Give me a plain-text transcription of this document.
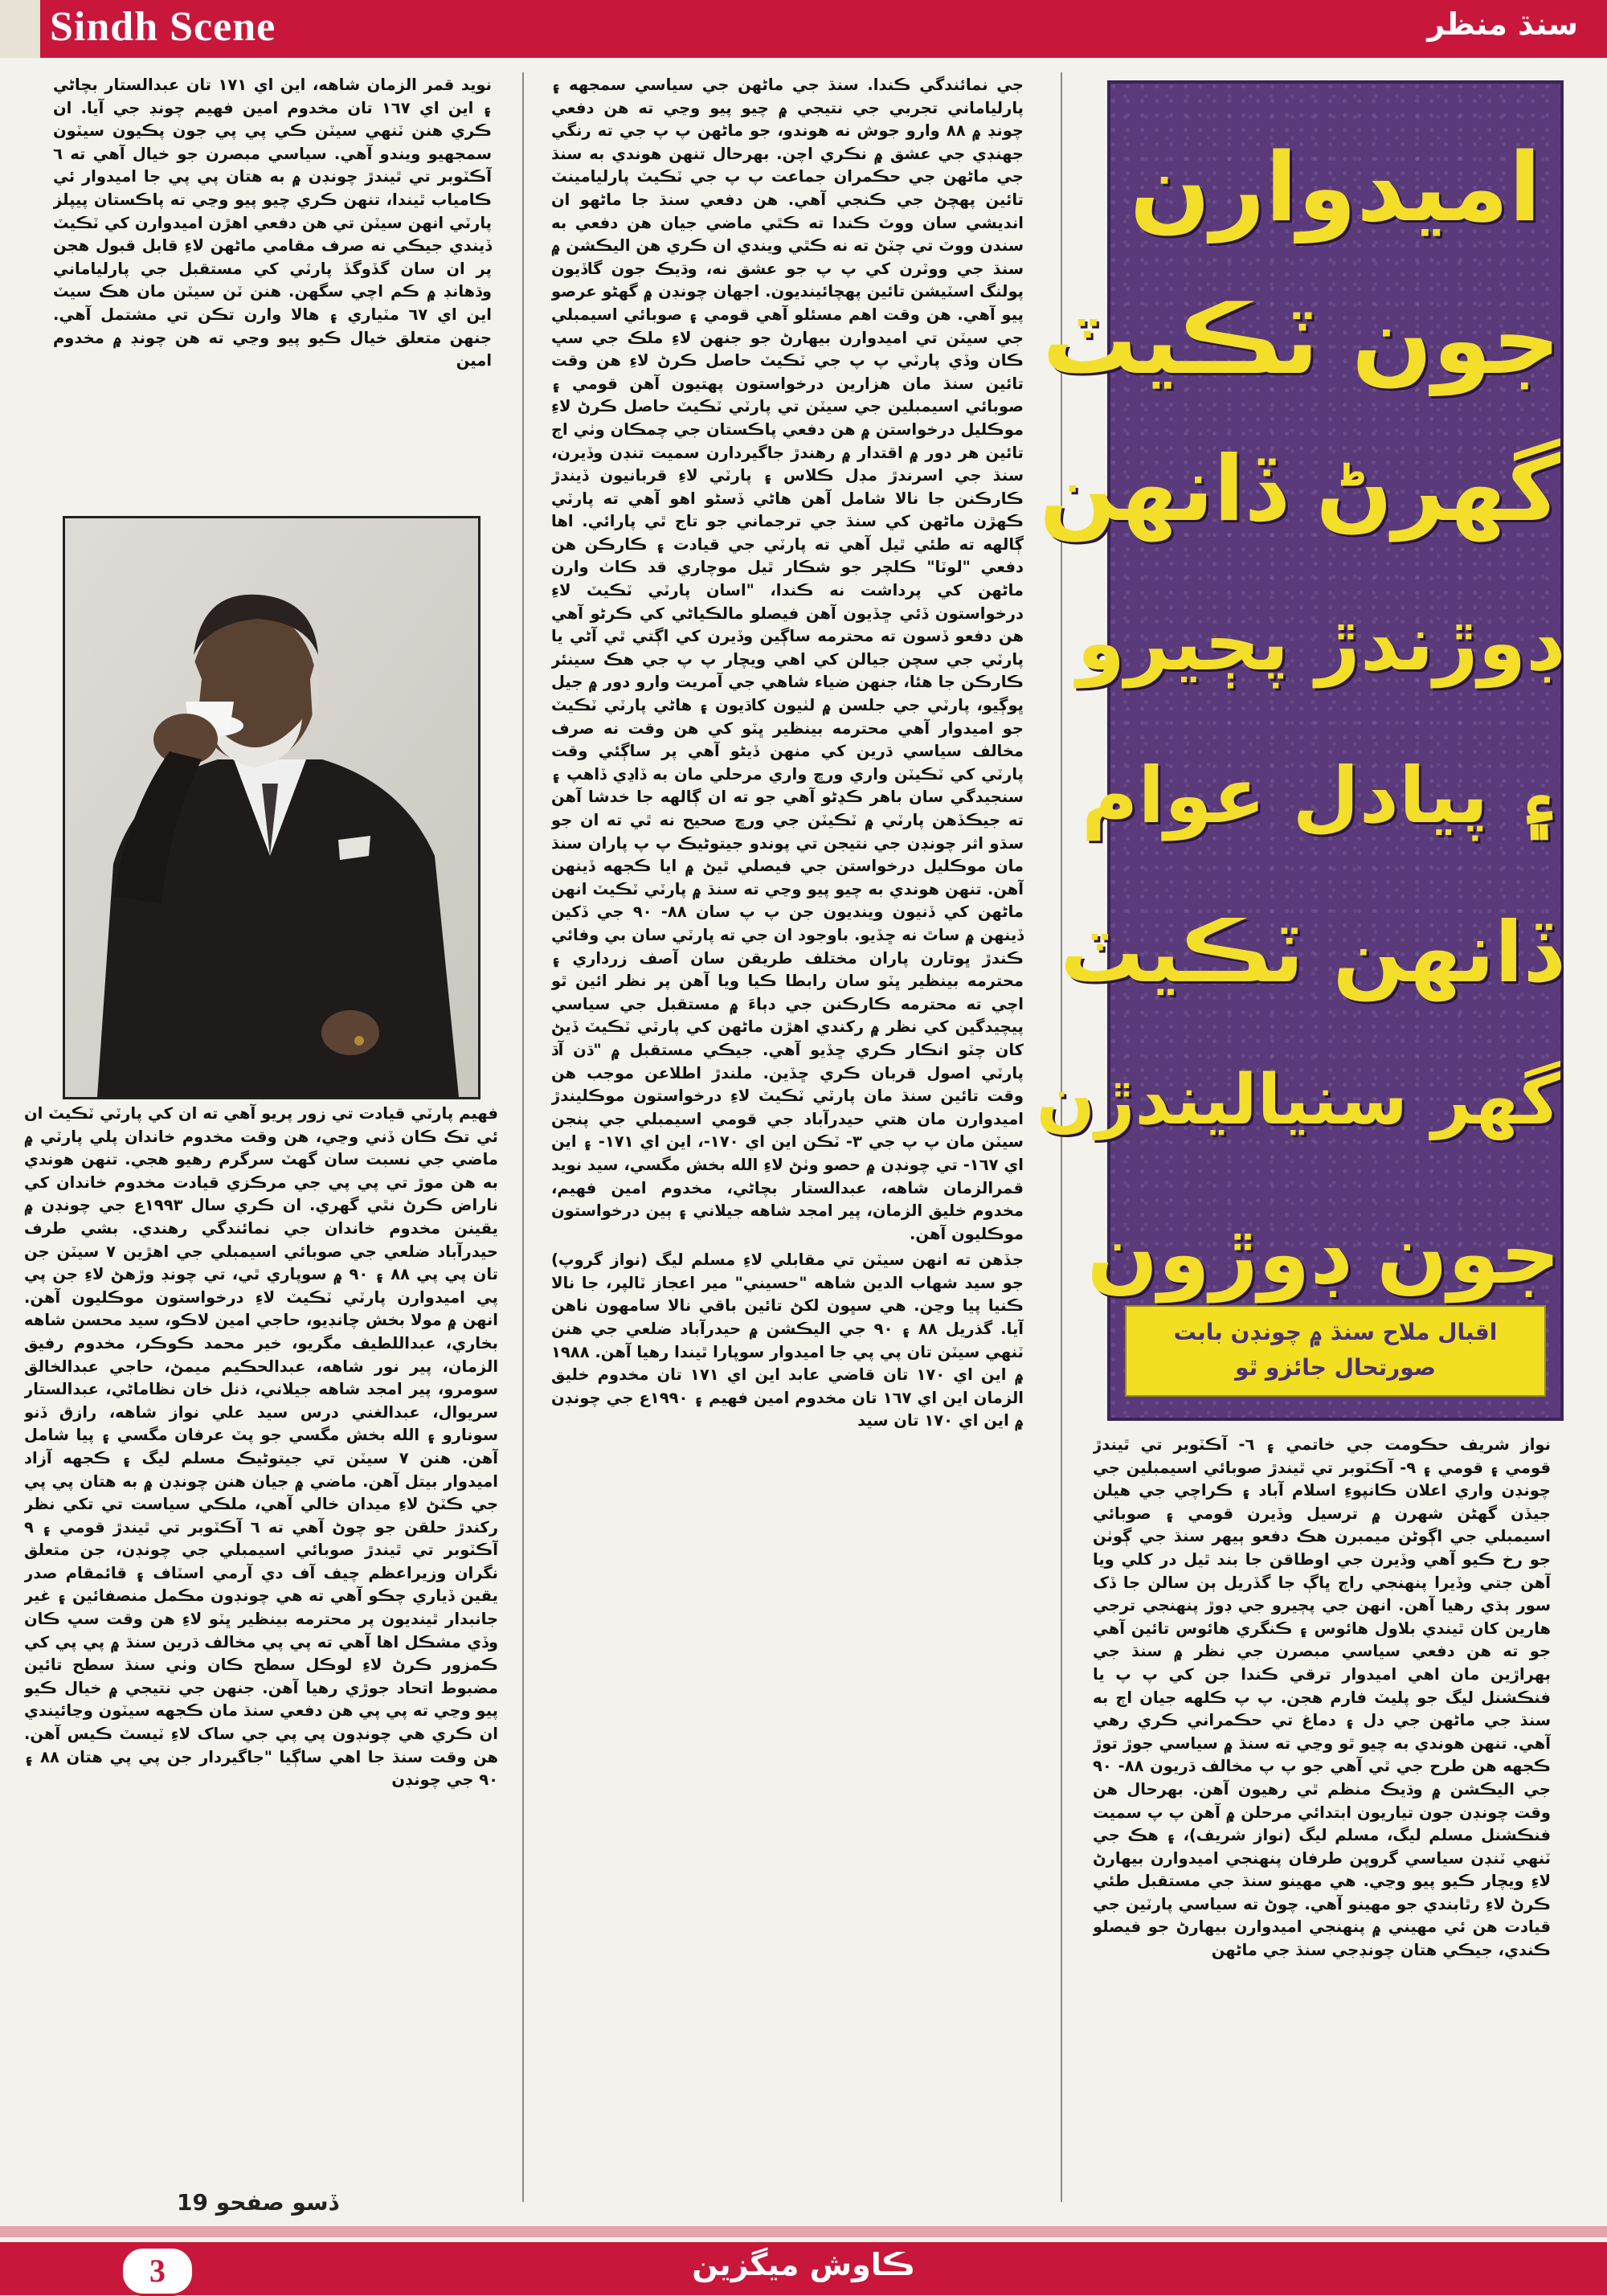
Sindh Scene	سنڌ منظر

نويد قمر الزمان شاهه، اين اي ١٧١ تان عبدالستار بچاڻي ۽ اين اي ١٦٧ تان مخدوم امين فهيم چونڊ جي آيا. ان ڪري هنن ٽنهي سيٽن ڪي پي پي جون پڪيون سيٽون سمجهيو ويندو آهي. سياسي مبصرن جو خيال آهي ته ٦ آڪٽوبر تي ٿيندڙ چونڊن ۾ به هتان پي پي جا اميدوار ئي ڪامياب ٿيندا، تنهن ڪري چيو پيو وڃي ته پاڪستان پيپلز پارٽي انهن سيٽن تي هن دفعي اهڙن اميدوارن کي ٽڪيٽ ڏيندي جيڪي نه صرف مقامي ماڻهن لاءِ قابل قبول هجن پر ان سان گڏوگڏ پارٽي کي مستقبل جي پارلياماني وڌهانڊ ۾ ڪم اچي سگهن. هنن ٽن سيٽن مان هڪ سيٽ اين اي ٦٧ مٽياري ۽ هالا وارن تڪن تي مشتمل آهي. جنهن متعلق خيال ڪيو پيو وڃي ته هن چونڊ ۾ مخدوم امين

فهيم پارٽي قيادت تي زور پريو آهي ته ان کي پارٽي ٽڪيٽ ان ئي تڪ ڪان ڏني وڃي، هن وقت مخدوم خاندان پلي پارٽي ۾ ماضي جي نسبت سان گهٽ سرگرم رهيو هجي. تنهن هوندي به هن موڙ تي پي پي جي مرڪزي قيادت مخدوم خاندان کي ناراض ڪرڻ نٿي گهري. ان ڪري سال ١٩٩٣ع جي چونڊن ۾ يقينن مخدوم خاندان جي نمائندگي رهندي. بشي طرف حيدرآباد ضلعي جي صوبائي اسيمبلي جي اهڙين ٧ سيٽن جن تان پي پي ٨٨ ۽ ٩٠ ۾ سوپاري ٿي، تي چونڊ وڙهڻ لاءِ جن پي پي اميدوارن پارٽي ٽڪيٽ لاءِ درخواستون موڪليون آهن. انهن ۾ مولا بخش چانڊيو، حاجي امين لاڪو، سيد محسن شاهه بخاري، عبداللطيف مگريو، خير محمد ڪوڪر، مخدوم رفيق الزمان، پير نور شاهه، عبدالحڪيم ميمڻ، حاجي عبدالخالق سومرو، پير امجد شاهه جيلاني، ذنل خان نظاماڻي، عبدالستار سريوال، عبدالغني درس سيد علي نواز شاهه، رازق ڏنو سونارو ۽ الله بخش مگسي جو پٽ عرفان مگسي ۽ پيا شامل آهن. هنن ٧ سيٽن تي جيتوڻيڪ مسلم ليگ ۽ ڪجهه آزاد اميدوار بيتل آهن. ماضي ۾ جيان هنن چونڊن ۾ به هتان پي پي جي ڪٽڻ لاءِ ميدان خالي آهي، ملڪي سياست تي تکي نظر رکندڙ حلقن جو چوڻ آهي ته ٦ آڪٽوبر تي ٿيندڙ قومي ۽ ٩ آڪٽوبر تي ٿيندڙ صوبائي اسيمبلي جي چونڊن، جن متعلق نگران وزيراعظم چيف آف دي آرمي اسٽاف ۽ قائمقام صدر يقين ڏياري چڪو آهي ته هي چونڊون مڪمل منصفائين ۽ غير جانبدار ٿينديون پر محترمه بينظير ڀٽو لاءِ هن وقت سڀ ڪان وڏي مشڪل اها آهي ته پي پي مخالف ڌرين سنڌ ۾ پي پي کي ڪمزور ڪرڻ لاءِ لوڪل سطح ڪان وٺي سنڌ سطح تائين مضبوط اتحاد جوڙي رهيا آهن. جنهن جي نتيجي ۾ خيال ڪيو پيو وڃي ته پي پي هن دفعي سنڌ مان ڪجهه سيٽون وڃائيندي ان ڪري هي چونڊون پي پي جي ساک لاءِ ٽيسٽ ڪيس آهن. هن وقت سنڌ جا اهي ساڳيا "جاگيردار جن پي پي هتان ٨٨ ۽ ٩٠ جي چونڊن

ڏسو صفحو 19

جي نمائندگي ڪندا. سنڌ جي ماڻهن جي سياسي سمجهه ۽ پارلياماني تجربي جي نتيجي ۾ چيو پيو وڃي ته هن دفعي چونڊ ۾ ٨٨ وارو جوش نه هوندو، جو ماڻهن پ پ جي ته رنگي جهنڊي جي عشق ۾ نڪري اچن. بهرحال تنهن هوندي به سنڌ جي ماڻهن جي حڪمران جماعت پ پ جي ٽڪيٽ پارليامينٽ تائين پهچڻ جي ڪنجي آهي. هن دفعي سنڌ جا ماڻهو ان انديشي سان ووٽ ڪندا ته ڪٿي ماضي جيان هن دفعي به سندن ووٽ تي چٽڻ ته نه ڪٿي ويندي ان ڪري هن اليڪشن ۾ سنڌ جي ووٽرن کي پ پ جو عشق نه، وڌيڪ جون گاڏيون پولنگ اسٽيشن تائين پهچائينديون. اجهان چونڊن ۾ گهڻو عرصو پيو آهي. هن وقت اهم مسئلو آهي قومي ۽ صوبائي اسيمبلي جي سيٽن تي اميدوارن بيهارڻ جو جنهن لاءِ ملڪ جي سڀ ڪان وڏي پارٽي پ پ جي ٽڪيٽ حاصل ڪرڻ لاءِ هن وقت تائين سنڌ مان هزارين درخواستون پهتيون آهن قومي ۽ صوبائي اسيمبلين جي سيٽن تي پارٽي ٽڪيٽ حاصل ڪرڻ لاءِ موڪليل درخواستن ۾ هن دفعي پاڪستان جي چمڪان وٺي اڄ تائين هر دور ۾ اقتدار ۾ رهندڙ جاگيردارن سميت تنڊن وڏيرن، سنڌ جي اسرندڙ مڊل ڪلاس ۽ پارٽي لاءِ قربانيون ڏيندڙ ڪارڪنن جا نالا شامل آهن هاڻي ڏسڻو اهو آهي ته پارٽي ڪهڙن ماڻهن کي سنڌ جي ترجماني جو تاج ٿي پارائي. اها ڳالهه ته طئي ٿيل آهي ته پارٽي جي قيادت ۽ ڪارڪن هن دفعي "لوٽا" ڪلچر جو شڪار ٿيل موچاري قد ڪاٺ وارن ماڻهن کي پرداشت نه ڪندا، "اسان پارٽي ٽڪيٽ لاءِ درخواستون ڏئي ڇڏيون آهن فيصلو مالڪياڻي کي ڪرڻو آهي هن دفعو ڏسون ته محترمه ساڳين وڏيرن کي اڳتي ٿي آڻي يا پارٽي جي سچن جيالن کي اهي ويچار پ پ جي هڪ سينئر ڪارڪن جا هئا، جنهن ضياء شاهي جي آمريت وارو دور ۾ جيل ڀوڳيو، پارٽي جي جلسن ۾ لٺيون کاڌيون ۽ هاڻي پارٽي ٽڪيٽ جو اميدوار آهي محترمه بينظير ڀٽو کي هن وقت نه صرف مخالف سياسي ڌرين کي منهن ڏيڻو آهي پر ساڳئي وقت پارٽي کي ٽڪيٽن واري ورڇ واري مرحلي مان به ڏاڍي ڏاهپ ۽ سنجيدگي سان باهر ڪڍڻو آهي جو ته ان ڳالهه جا خدشا آهن ته جيڪڏهن پارٽي ۾ ٽڪيٽن جي ورڇ صحيح نه ٿي ته ان جو سڌو اثر چونڊن جي نتيجن تي پوندو جيتوڻيڪ پ پ پاران سنڌ مان موڪليل درخواستن جي فيصلي ٿيڻ ۾ ايا ڪجهه ڏينهن آهن. تنهن هوندي به چيو پيو وڃي ته سنڌ ۾ پارٽي ٽڪيٽ انهن ماڻهن کي ڏنيون وينديون جن پ پ سان ٨٨- ٩٠ جي ڏکين ڏينهن ۾ ساٿ نه ڇڏيو. باوجود ان جي ته پارٽي سان بي وفائي ڪندڙ ڀوتارن پاران مختلف طريقن سان آصف زرداري ۽ محترمه بينظير ڀٽو سان رابطا ڪيا ويا آهن پر نظر ائين ٿو اچي ته محترمه ڪارڪنن جي دٻاءَ ۾ مستقبل جي سياسي پيچيدگين کي نظر ۾ رکندي اهڙن ماڻهن کي پارٽي ٽڪيٽ ڏيڻ کان چٽو انڪار ڪري ڇڏيو آهي. جيڪي مستقبل ۾ "ڌن آڌ پارٽي اصول قربان ڪري ڇڏين. ملندڙ اطلاعن موجب هن وقت تائين سنڌ مان پارٽي ٽڪيٽ لاءِ درخواستون موڪليندڙ اميدوارن مان هتي حيدرآباد جي قومي اسيمبلي جي پنجن سيٽن مان پ پ جي ٣- ٽڪن اين اي ١٧٠-، اين اي ١٧١- ۽ اين اي ١٦٧- تي چونڊن ۾ حصو وٺڻ لاءِ الله بخش مگسي، سيد نويد قمرالزمان شاهه، عبدالستار بچاڻي، مخدوم امين فهيم، مخدوم خليق الزمان، پير امجد شاهه جيلاني ۽ ٻين درخواستون موڪليون آهن.

جڏهن ته انهن سيٽن تي مقابلي لاءِ مسلم ليگ (نواز گروپ) جو سيد شهاب الدين شاهه "حسيني" مير اعجاز ٽالپر، جا نالا ڪنيا پيا وڃن. هي سڀون لکڻ تائين باقي نالا سامهون ناهن آيا. گذريل ٨٨ ۽ ٩٠ جي اليڪشن ۾ حيدرآباد ضلعي جي هنن ٽنهي سيٽن تان پي پي جا اميدوار سوپارا ٿيندا رهيا آهن. ١٩٨٨ ۾ اين اي ١٧٠ تان قاضي عابد اين اي ١٧١ تان مخدوم خليق الزمان اين اي ١٦٧ تان مخدوم امين فهيم ۽ ١٩٩٠ع جي چونڊن ۾ اين اي ١٧٠ تان سيد

اميدوارن
جون ٽڪيٽ
گهرڻ ڏانهن
ڊوڙندڙ پڄيرو
۽ پيادل عوام
ڏانهن ٽڪيٽ
گهر سنياليندڙن
جون ڊوڙون
اقبال ملاح سنڌ ۾ چونڊن بابت
صورتحال جائزو ٿو

نواز شريف حڪومت جي خاتمي ۽ ٦- آڪٽوبر تي ٿيندڙ قومي ۽ قومي ۽ ٩- آڪٽوبر تي ٿيندڙ صوبائي اسيمبلين جي چونڊن واري اعلان ڪانپوءِ اسلام آباد ۽ ڪراچي جي هيلن جيڏن گهڻن شهرن ۾ ترسيل وڏيرن قومي ۽ صوبائي اسيمبلي جي اڳوڻن ميمبرن هڪ دفعو ٻيهر سنڌ جي ڳوٺن جو رخ ڪيو آهي وڏيرن جي اوطاقن جا بند ٿيل در کلي ويا آهن جتي وڏيرا پنهنجي راڄ ڀاڳ جا گڏريل ٻن سالن جا ڏک سور ٻڌي رهيا آهن. انهن جي پڄيرو جي ڊوڙ پنهنجي ترجي هارين کان ٿيندي بلاول هائوس ۽ ڪنگري هائوس تائين آهي جو ته هن دفعي سياسي مبصرن جي نظر ۾ سنڌ جي ٻهراڙين مان اهي اميدوار ترقي ڪندا جن کي پ پ يا فنڪشنل ليگ جو پليٽ فارم هجن. پ پ ڪلهه جيان اڄ به سنڌ جي ماڻهن جي دل ۽ دماغ تي حڪمراني ڪري رهي آهي. تنهن هوندي به چيو ٿو وڃي ته سنڌ ۾ سياسي جوڙ توڙ ڪجهه هن طرح جي ٿي آهي جو پ پ مخالف ڌريون ٨٨- ٩٠ جي اليڪشن ۾ وڌيڪ منظم ٿي رهيون آهن. بهرحال هن وقت چونڊن جون تياريون ابتدائي مرحلن ۾ آهن پ پ سميت فنڪشنل مسلم ليگ، مسلم ليگ (نواز شريف)، ۽ هڪ جي ٽنهي ٽنڊن سياسي گروپن طرفان پنهنجي اميدوارن بيهارڻ لاءِ ويچار ڪيو پيو وڃي. هي مهينو سنڌ جي مستقبل طئي ڪرڻ لاءِ رٿابندي جو مهينو آهي. چوڻ ته سياسي پارٽين جي قيادت هن ئي مهيني ۾ پنهنجي اميدوارن بيهارڻ جو فيصلو ڪندي، جيڪي هتان چونڊجي سنڌ جي ماڻهن

ڪاوش ميگزين
3
